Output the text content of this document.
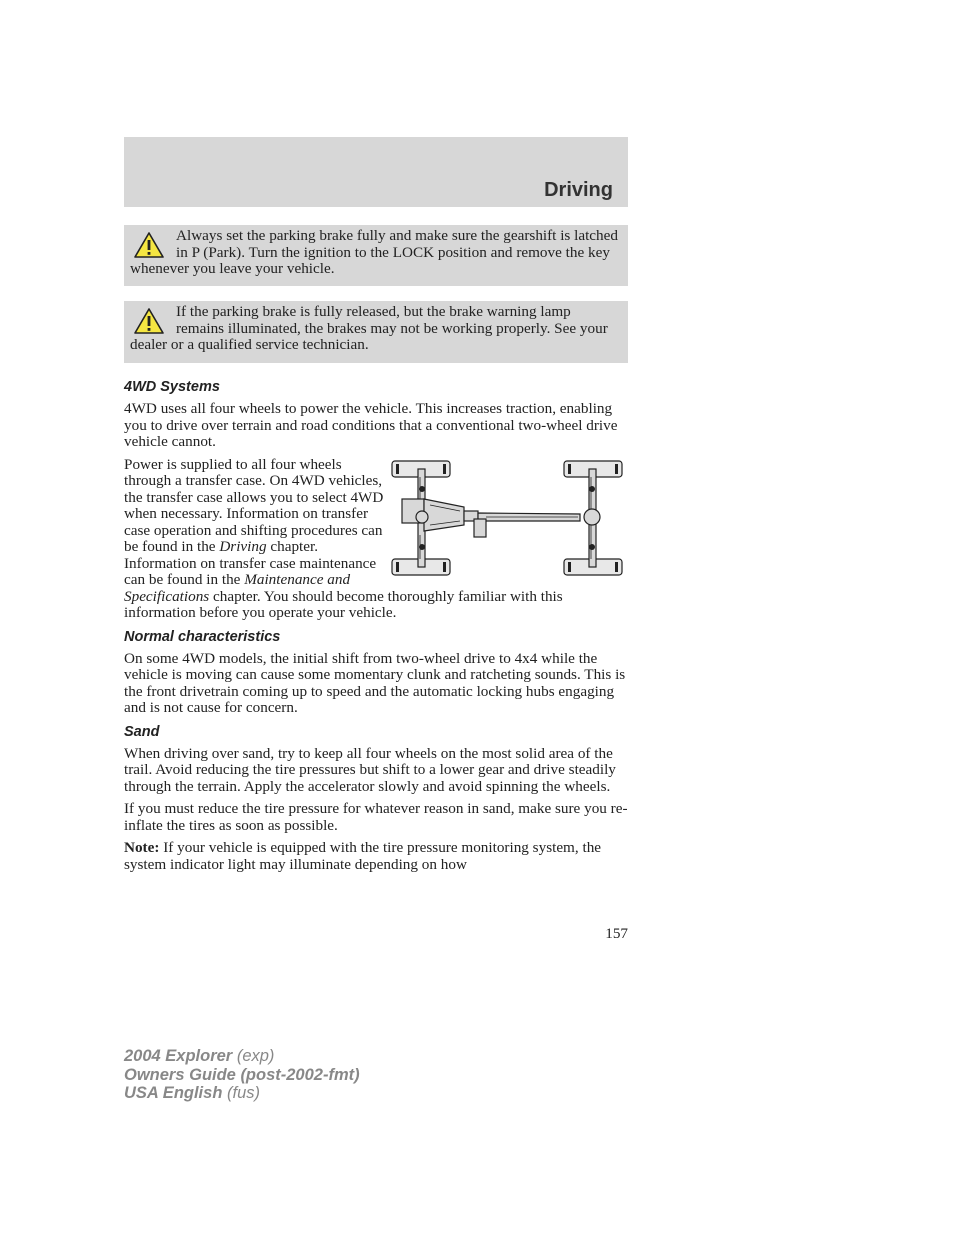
Driving

Always set the parking brake fully and make sure the gearshift is latched in P (Park). Turn the ignition to the LOCK position and remove the key whenever you leave your vehicle.

If the parking brake is fully released, but the brake warning lamp remains illuminated, the brakes may not be working properly. See your dealer or a qualified service technician.

4WD Systems

4WD uses all four wheels to power the vehicle. This increases traction, enabling you to drive over terrain and road conditions that a conventional two-wheel drive vehicle cannot.

Power is supplied to all four wheels through a transfer case. On 4WD vehicles, the transfer case allows you to select 4WD when necessary. Information on transfer case operation and shifting procedures can be found in the Driving chapter. Information on transfer case maintenance can be found in the Maintenance and Specifications chapter. You should become thoroughly familiar with this information before you operate your vehicle.

Normal characteristics

On some 4WD models, the initial shift from two-wheel drive to 4x4 while the vehicle is moving can cause some momentary clunk and ratcheting sounds. This is the front drivetrain coming up to speed and the automatic locking hubs engaging and is not cause for concern.

Sand

When driving over sand, try to keep all four wheels on the most solid area of the trail. Avoid reducing the tire pressures but shift to a lower gear and drive steadily through the terrain. Apply the accelerator slowly and avoid spinning the wheels.

If you must reduce the tire pressure for whatever reason in sand, make sure you re-inflate the tires as soon as possible.

Note: If your vehicle is equipped with the tire pressure monitoring system, the system indicator light may illuminate depending on how

157
2004 Explorer (exp)
Owners Guide (post-2002-fmt)
USA English (fus)
